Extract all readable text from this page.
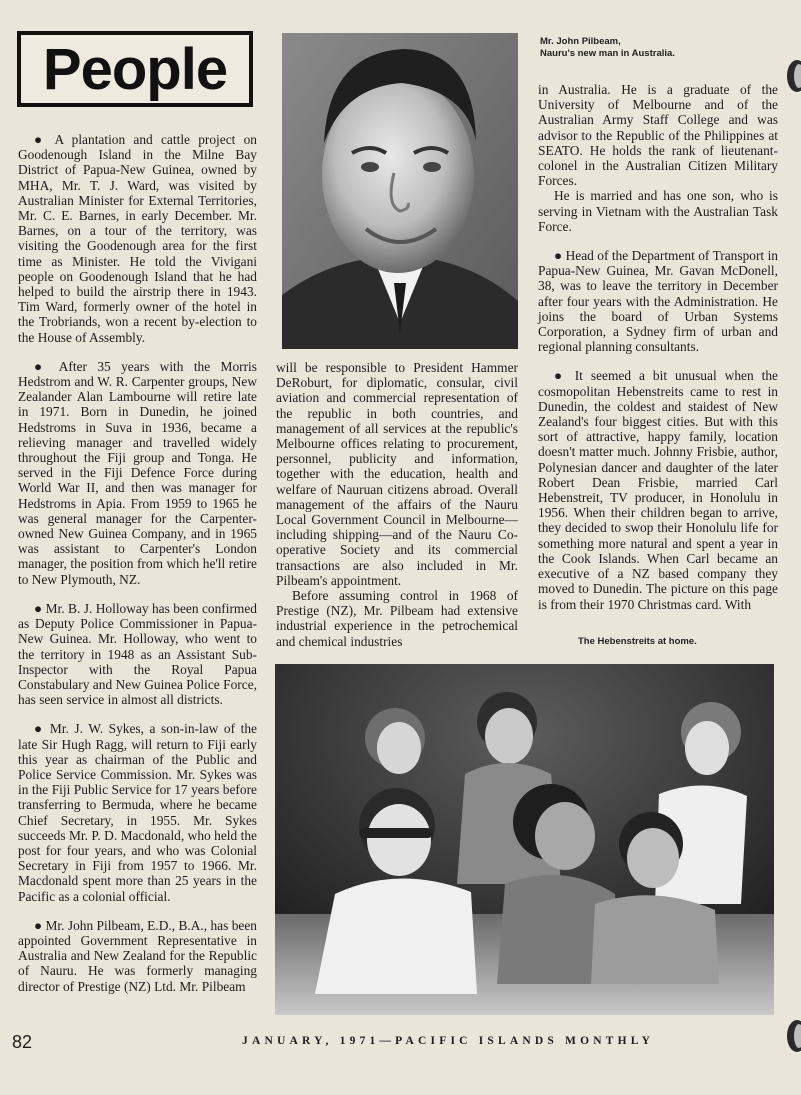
People	Mr. John Pilbeam,
Nauru's new man in Australia.

● A plantation and cattle project on Goodenough Island in the Milne Bay District of Papua-New Guinea, owned by MHA, Mr. T. J. Ward, was visited by Australian Minister for External Territories, Mr. C. E. Barnes, in early December. Mr. Barnes, on a tour of the territory, was visiting the Goodenough area for the first time as Minister. He told the Vivigani people on Goodenough Island that he had helped to build the airstrip there in 1943. Tim Ward, formerly owner of the hotel in the Trobriands, won a recent by-election to the House of Assembly.

● After 35 years with the Morris Hedstrom and W. R. Carpenter groups, New Zealander Alan Lambourne will retire late in 1971. Born in Dunedin, he joined Hedstroms in Suva in 1936, became a relieving manager and travelled widely throughout the Fiji group and Tonga. He served in the Fiji Defence Force during World War II, and then was manager for Hedstroms in Apia. From 1959 to 1965 he was general manager for the Carpenter-owned New Guinea Company, and in 1965 was assistant to Carpenter's London manager, the position from which he'll retire to New Plymouth, NZ.

● Mr. B. J. Holloway has been confirmed as Deputy Police Commissioner in Papua-New Guinea. Mr. Holloway, who went to the territory in 1948 as an Assistant Sub-Inspector with the Royal Papua Constabulary and New Guinea Police Force, has seen service in almost all districts.

● Mr. J. W. Sykes, a son-in-law of the late Sir Hugh Ragg, will return to Fiji early this year as chairman of the Public and Police Service Commission. Mr. Sykes was in the Fiji Public Service for 17 years before transferring to Bermuda, where he became Chief Secretary, in 1955. Mr. Sykes succeeds Mr. P. D. Macdonald, who held the post for four years, and who was Colonial Secretary in Fiji from 1957 to 1966. Mr. Macdonald spent more than 25 years in the Pacific as a colonial official.

● Mr. John Pilbeam, E.D., B.A., has been appointed Government Representative in Australia and New Zealand for the Republic of Nauru. He was formerly managing director of Prestige (NZ) Ltd. Mr. Pilbeam

will be responsible to President Hammer DeRoburt, for diplomatic, consular, civil aviation and commercial representation of the republic in both countries, and management of all services at the republic's Melbourne offices relating to procurement, personnel, publicity and information, together with the education, health and welfare of Nauruan citizens abroad. Overall management of the affairs of the Nauru Local Government Council in Melbourne—including shipping—and of the Nauru Co-operative Society and its commercial transactions are also included in Mr. Pilbeam's appointment.

Before assuming control in 1968 of Prestige (NZ), Mr. Pilbeam had extensive industrial experience in the petrochemical and chemical industries

in Australia. He is a graduate of the University of Melbourne and of the Australian Army Staff College and was advisor to the Republic of the Philippines at SEATO. He holds the rank of lieutenant-colonel in the Australian Citizen Military Forces.

He is married and has one son, who is serving in Vietnam with the Australian Task Force.

● Head of the Department of Transport in Papua-New Guinea, Mr. Gavan McDonell, 38, was to leave the territory in December after four years with the Administration. He joins the board of Urban Systems Corporation, a Sydney firm of urban and regional planning consultants.

● It seemed a bit unusual when the cosmopolitan Hebenstreits came to rest in Dunedin, the coldest and staidest of New Zealand's four biggest cities. But with this sort of attractive, happy family, location doesn't matter much. Johnny Frisbie, author, Polynesian dancer and daughter of the later Robert Dean Frisbie, married Carl Hebenstreit, TV producer, in Honolulu in 1956. When their children began to arrive, they decided to swop their Honolulu life for something more natural and spent a year in the Cook Islands. When Carl became an executive of a NZ based company they moved to Dunedin. The picture on this page is from their 1970 Christmas card. With

The Hebenstreits at home.
82	JANUARY, 1971—PACIFIC ISLANDS MONTHLY
